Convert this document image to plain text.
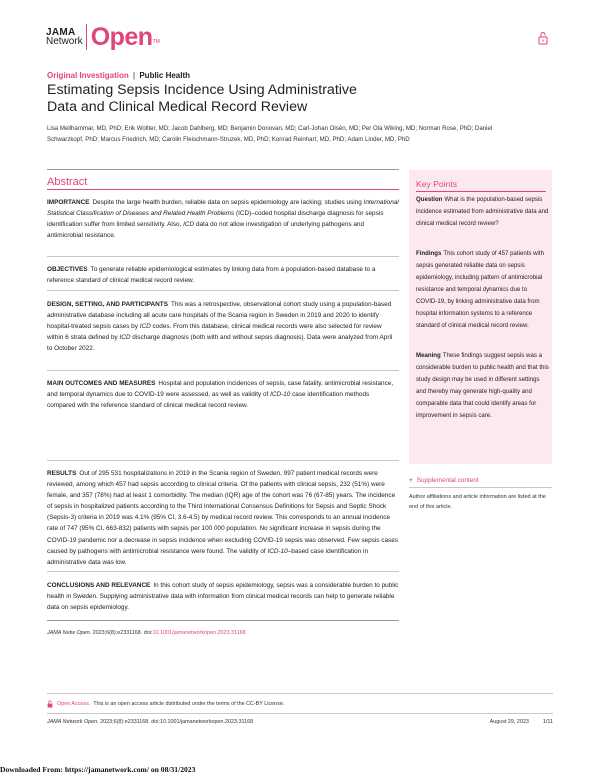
JAMA
Network Open TM
Original Investigation | Public Health
Estimating Sepsis Incidence Using Administrative Data and Clinical Medical Record Review
Lisa Mellhammar, MD, PhD; Erik Wollter, MD; Jacob Dahlberg, MD; Benjamin Donovan, MD; Carl-Johan Olsén, MD; Per Ola Wiking, MD; Norman Rose, PhD; Daniel Schwarzkopf, PhD; Marcus Friedrich, MD; Carolin Fleischmann-Struzek, MD, PhD; Konrad Reinhart, MD, PhD; Adam Linder, MD, PhD
Abstract
IMPORTANCE Despite the large health burden, reliable data on sepsis epidemiology are lacking; studies using International Statistical Classification of Diseases and Related Health Problems (ICD)–coded hospital discharge diagnosis for sepsis identification suffer from limited sensitivity. Also, ICD data do not allow investigation of underlying pathogens and antimicrobial resistance.
OBJECTIVES To generate reliable epidemiological estimates by linking data from a population-based database to a reference standard of clinical medical record review.
DESIGN, SETTING, AND PARTICIPANTS This was a retrospective, observational cohort study using a population-based administrative database including all acute care hospitals of the Scania region in Sweden in 2019 and 2020 to identify hospital-treated sepsis cases by ICD codes. From this database, clinical medical records were also selected for review within 6 strata defined by ICD discharge diagnosis (both with and without sepsis diagnosis). Data were analyzed from April to October 2022.
MAIN OUTCOMES AND MEASURES Hospital and population incidences of sepsis, case fatality, antimicrobial resistance, and temporal dynamics due to COVID-19 were assessed, as well as validity of ICD-10 case identification methods compared with the reference standard of clinical medical record review.
RESULTS Out of 295 531 hospitalizations in 2019 in the Scania region of Sweden, 997 patient medical records were reviewed, among which 457 had sepsis according to clinical criteria. Of the patients with clinical sepsis, 232 (51%) were female, and 357 (78%) had at least 1 comorbidity. The median (IQR) age of the cohort was 76 (67-85) years. The incidence of sepsis in hospitalized patients according to the Third International Consensus Definitions for Sepsis and Septic Shock (Sepsis-3) criteria in 2019 was 4.1% (95% CI, 3.6-4.5) by medical record review. This corresponds to an annual incidence rate of 747 (95% CI, 663-832) patients with sepsis per 100 000 population. No significant increase in sepsis during the COVID-19 pandemic nor a decrease in sepsis incidence when excluding COVID-19 sepsis was observed. Few sepsis cases caused by pathogens with antimicrobial resistance were found. The validity of ICD-10–based case identification in administrative data was low.
CONCLUSIONS AND RELEVANCE In this cohort study of sepsis epidemiology, sepsis was a considerable burden to public health in Sweden. Supplying administrative data with information from clinical medical records can help to generate reliable data on sepsis epidemiology.
Key Points
Question What is the population-based sepsis incidence estimated from administrative data and clinical medical record review?
Findings This cohort study of 457 patients with sepsis generated reliable data on sepsis epidemiology, including pattern of antimicrobial resistance and temporal dynamics due to COVID-19, by linking administrative data from hospital information systems to a reference standard of clinical medical record review.
Meaning These findings suggest sepsis was a considerable burden to public health and that this study design may be used in different settings and thereby may generate high-quality and comparable data that could identify areas for improvement in sepsis care.
+ Supplemental content
Author affiliations and article information are listed at the end of this article.
JAMA Netw Open. 2023;6(8):e2331168. doi:10.1001/jamanetworkopen.2023.31168
Open Access. This is an open access article distributed under the terms of the CC-BY License.
JAMA Network Open. 2023;6(8):e2331168. doi:10.1001/jamanetworkopen.2023.31168	August 29, 2023	1/11
Downloaded From: https://jamanetwork.com/ on 08/31/2023
